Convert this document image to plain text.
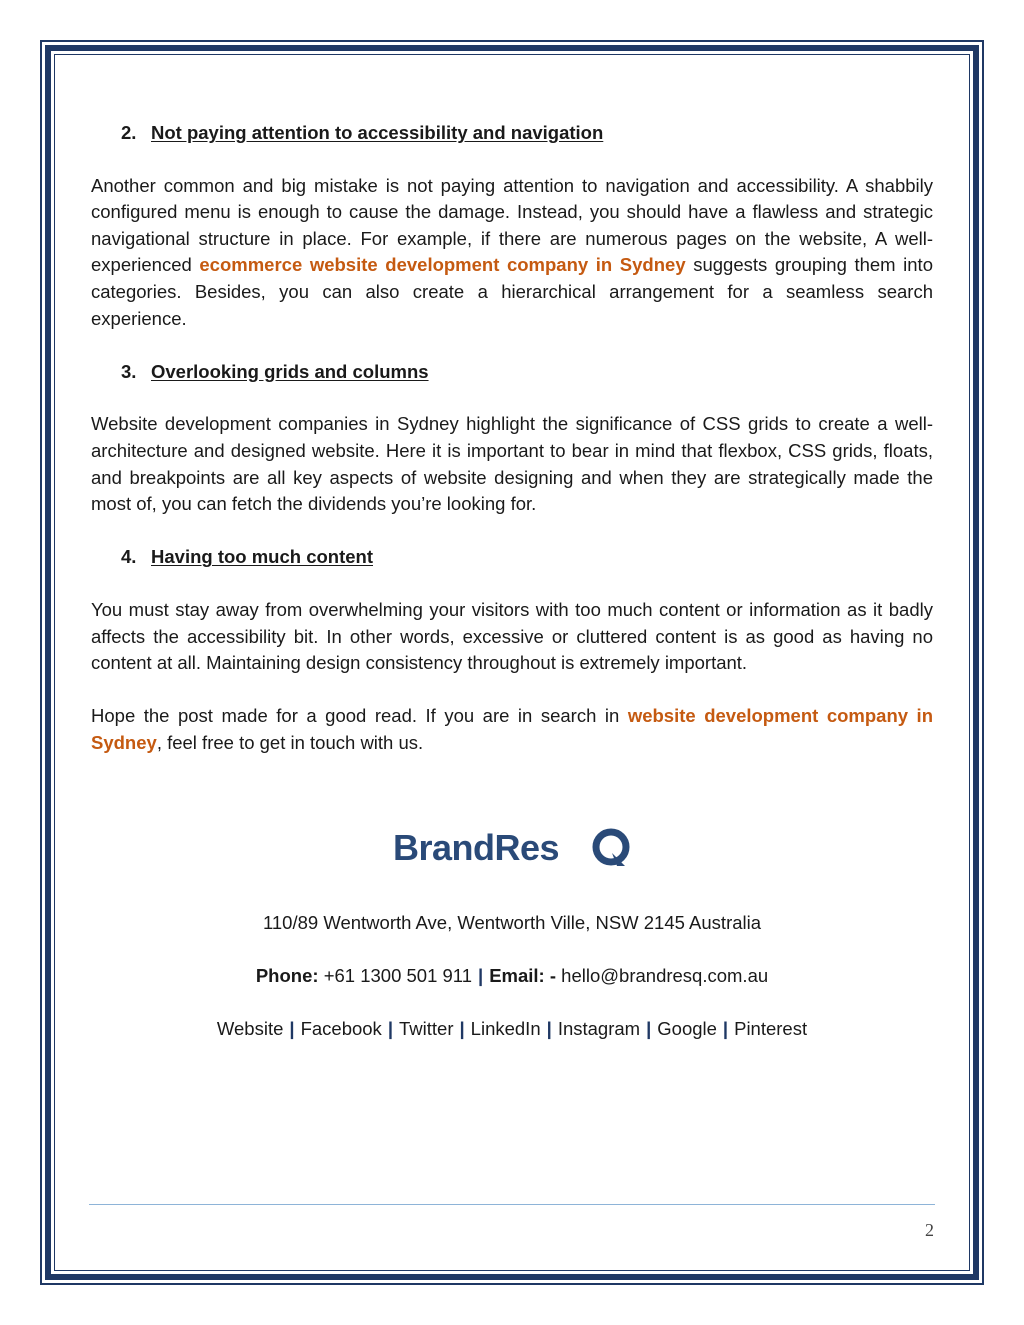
2. Not paying attention to accessibility and navigation

Another common and big mistake is not paying attention to navigation and accessibility. A shabbily configured menu is enough to cause the damage. Instead, you should have a flawless and strategic navigational structure in place. For example, if there are numerous pages on the website, A well-experienced ecommerce website development company in Sydney suggests grouping them into categories. Besides, you can also create a hierarchical arrangement for a seamless search experience.

3. Overlooking grids and columns

Website development companies in Sydney highlight the significance of CSS grids to create a well-architecture and designed website. Here it is important to bear in mind that flexbox, CSS grids, floats, and breakpoints are all key aspects of website designing and when they are strategically made the most of, you can fetch the dividends you’re looking for.

4. Having too much content

You must stay away from overwhelming your visitors with too much content or information as it badly affects the accessibility bit. In other words, excessive or cluttered content is as good as having no content at all. Maintaining design consistency throughout is extremely important.

Hope the post made for a good read. If you are in search in website development company in Sydney, feel free to get in touch with us.

BrandRes
110/89 Wentworth Ave, Wentworth Ville, NSW 2145 Australia
Phone: +61 1300 501 911 | Email: - hello@brandresq.com.au
Website | Facebook | Twitter | LinkedIn | Instagram | Google | Pinterest
2
